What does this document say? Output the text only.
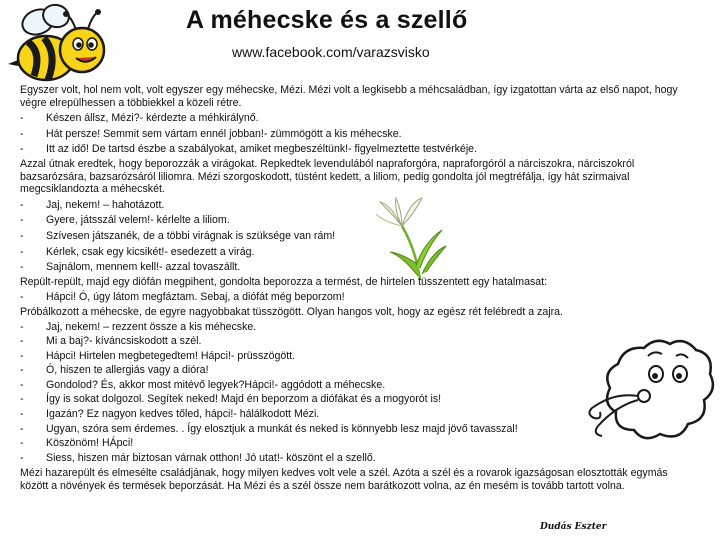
A méhecske és a szellő
www.facebook.com/varazsvisko

Egyszer volt, hol nem volt, volt egyszer egy méhecske, Mézi. Mézi volt a legkisebb a méhcsaládban, így izgatottan várta az első napot, hogy végre elrepülhessen a többiekkel a közeli rétre.

- Készen állsz, Mézi?- kérdezte a méhkirálynő.
- Hát persze! Semmit sem vártam ennél jobban!- zümmögött a kis méhecske.
- Itt az idő! De tartsd észbe a szabályokat, amiket megbeszéltünk!- figyelmeztette testvérkéje.

Azzal útnak eredtek, hogy beporozzák a virágokat. Repkedtek levendulából napraforgóra, napraforgóról a nárciszokra, nárciszokról bazsarózsára, bazsarózsáról liliomra. Mézi szorgoskodott, tüstént kedett, a liliom, pedig gondolta jól megtréfálja, így hát szirmaival megcsiklandozta a méhecskét.

- Jaj, nekem! – hahotázott.
- Gyere, játsszál velem!- kérlelte a liliom.
- Szívesen játszanék, de a többi virágnak is szüksége van rám!
- Kérlek, csak egy kicsikét!- esedezett a virág.
- Sajnálom, mennem kell!- azzal tovaszállt.

Repült-repült, majd egy diófán megpihent, gondolta beporozza a termést, de hirtelen tüsszentett egy hatalmasat:

- Hápci! Ó, úgy látom megfáztam. Sebaj, a diófát még beporzom!

Próbálkozott a méhecske, de egyre nagyobbakat tüsszögött. Olyan hangos volt, hogy az egész rét felébredt a zajra.

- Jaj, nekem! – rezzent össze a kis méhecske.
- Mi a baj?- kíváncsiskodott a szél.
- Hápci! Hirtelen megbetegedtem! Hápci!- prüsszögött.
- Ó, hiszen te allergiás vagy a dióra!
- Gondolod? És, akkor most mitévő legyek?Hápci!- aggódott a méhecske.
- Így is sokat dolgozol. Segítek neked! Majd én beporzom a diófákat és a mogyorót is!
- Igazán? Ez nagyon kedves tőled, hápci!- hálálkodott Mézi.
- Ugyan, szóra sem érdemes. . Így elosztjuk a munkát és neked is könnyebb lesz majd jövő tavasszal!
- Köszönöm! HÁpci!
- Siess, hiszen már biztosan várnak otthon! Jó utat!- köszönt el a szellő.

Mézi hazarepült és elmesélte családjának, hogy milyen kedves volt vele a szél. Azóta a szél és a rovarok igazságosan elosztották egymás között a növények és termések beporzását. Ha Mézi és a szél össze nem barátkozott volna, az én mesém is tovább tartott volna.

Dudás Eszter
